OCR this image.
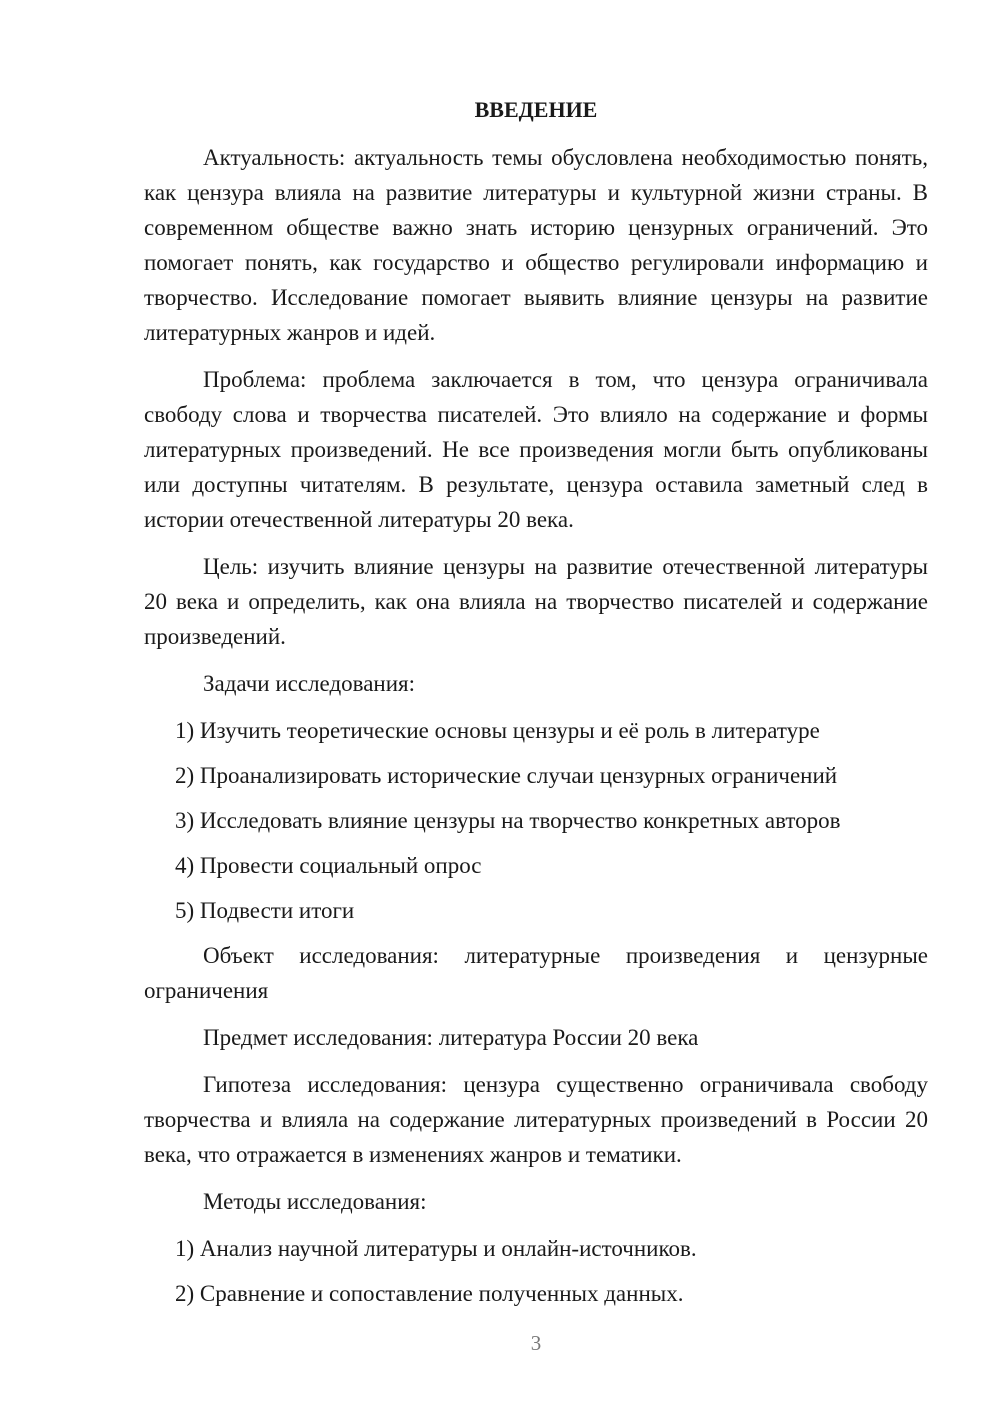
ВВЕДЕНИЕ

Актуальность: актуальность темы обусловлена необходимостью понять, как цензура влияла на развитие литературы и культурной жизни страны. В современном обществе важно знать историю цензурных ограничений. Это помогает понять, как государство и общество регулировали информацию и творчество. Исследование помогает выявить влияние цензуры на развитие литературных жанров и идей.

Проблема: проблема заключается в том, что цензура ограничивала свободу слова и творчества писателей. Это влияло на содержание и формы литературных произведений. Не все произведения могли быть опубликованы или доступны читателям. В результате, цензура оставила заметный след в истории отечественной литературы 20 века.

Цель: изучить влияние цензуры на развитие отечественной литературы 20 века и определить, как она влияла на творчество писателей и содержание произведений.

Задачи исследования:

1) Изучить теоретические основы цензуры и её роль в литературе
2) Проанализировать исторические случаи цензурных ограничений
3) Исследовать влияние цензуры на творчество конкретных авторов
4) Провести социальный опрос
5) Подвести итоги

Объект исследования: литературные произведения и цензурные ограничения

Предмет исследования: литература России 20 века

Гипотеза исследования: цензура существенно ограничивала свободу творчества и влияла на содержание литературных произведений в России 20 века, что отражается в изменениях жанров и тематики.

Методы исследования:

1) Анализ научной литературы и онлайн-источников.
2) Сравнение и сопоставление полученных данных.
3
